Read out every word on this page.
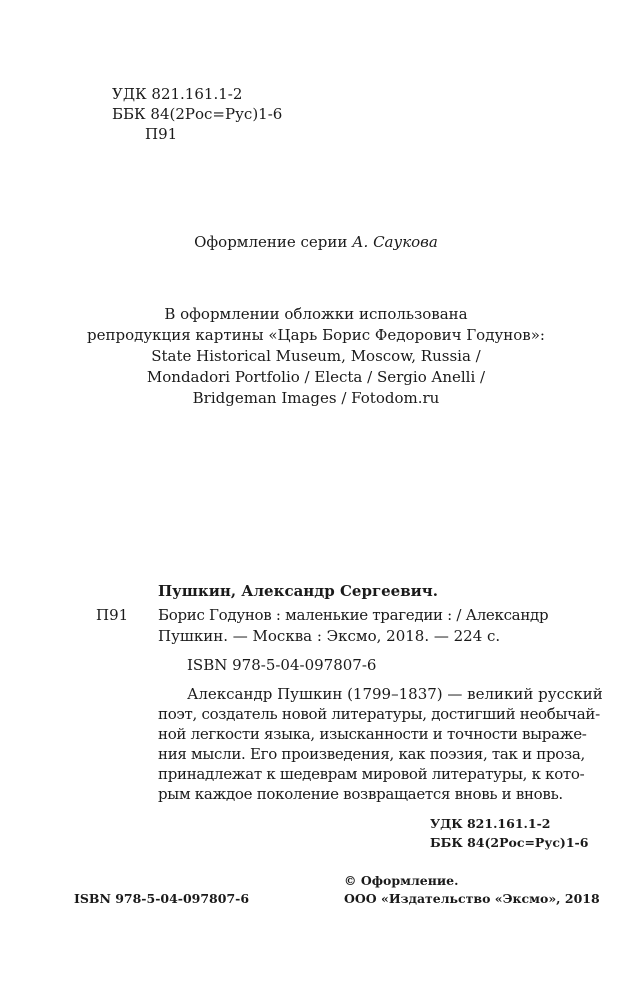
УДК 821.161.1-2
ББК 84(2Рос=Рус)1-6
П91
Оформление серии А. Саукова
В оформлении обложки использована
репродукция картины «Царь Борис Федорович Годунов»:
State Historical Museum, Moscow, Russia /
Mondadori Portfolio / Electa / Sergio Anelli /
Bridgeman Images / Fotodom.ru
Пушкин, Александр Сергеевич.
П91 Борис Годунов : маленькие трагедии : / Александр
Пушкин. — Москва : Эксмо, 2018. — 224 с.
ISBN 978-5-04-097807-6
Александр Пушкин (1799–1837) — великий русский
поэт, создатель новой литературы, достигший необычай-
ной легкости языка, изысканности и точности выраже-
ния мысли. Его произведения, как поэзия, так и проза,
принадлежат к шедеврам мировой литературы, к кото-
рым каждое поколение возвращается вновь и вновь.
УДК 821.161.1-2
ББК 84(2Рос=Рус)1-6
ISBN 978-5-04-097807-6
© Оформление.
ООО «Издательство «Эксмо», 2018
